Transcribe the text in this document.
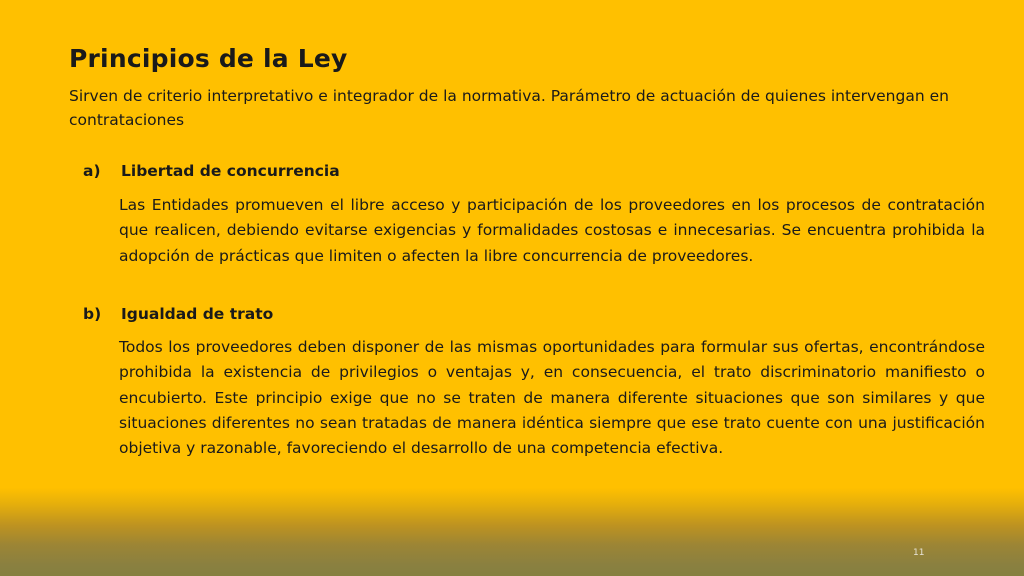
Principios de la Ley
Sirven de criterio interpretativo e integrador de la normativa. Parámetro de actuación de quienes intervengan en contrataciones
a) Libertad de concurrencia
Las Entidades promueven el libre acceso y participación de los proveedores en los procesos de contratación que realicen, debiendo evitarse exigencias y formalidades costosas e innecesarias. Se encuentra prohibida la adopción de prácticas que limiten o afecten la libre concurrencia de proveedores.
b) Igualdad de trato
Todos los proveedores deben disponer de las mismas oportunidades para formular sus ofertas, encontrándose prohibida la existencia de privilegios o ventajas y, en consecuencia, el trato discriminatorio manifiesto o encubierto. Este principio exige que no se traten de manera diferente situaciones que son similares y que situaciones diferentes no sean tratadas de manera idéntica siempre que ese trato cuente con una justificación objetiva y razonable, favoreciendo el desarrollo de una competencia efectiva.
11
